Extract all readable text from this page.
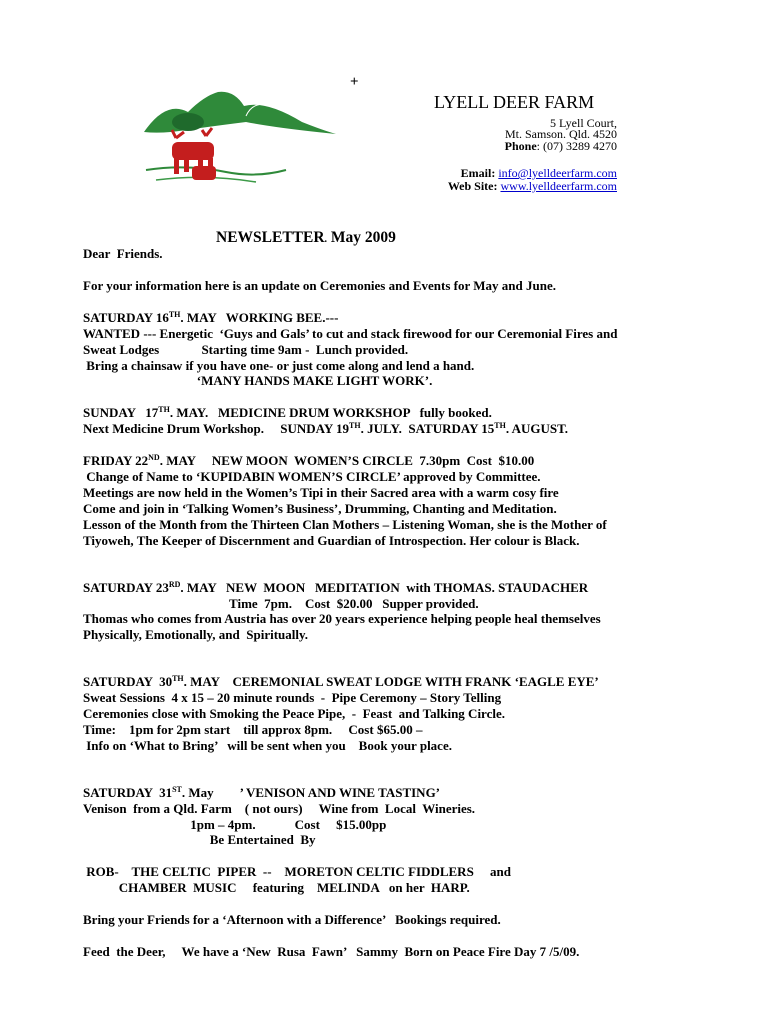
+
LYELL DEER FARM
5 Lyell Court,
Mt. Samson. Qld. 4520
Phone: (07) 3289 4270
Email: info@lyelldeerfarm.com
Web Site: www.lyelldeerfarm.com
NEWSLETTER. May 2009

Dear  Friends.

For your information here is an update on Ceremonies and Events for May and June.

SATURDAY 16TH. MAY   WORKING BEE.---

WANTED --- Energetic  ‘Guys and Gals’ to cut and stack firewood for our Ceremonial Fires and

Sweat Lodges             Starting time 9am -  Lunch provided.

Bring a chainsaw if you have one- or just come along and lend a hand.

‘MANY HANDS MAKE LIGHT WORK’.

SUNDAY   17TH. MAY.   MEDICINE DRUM WORKSHOP   fully booked.

Next Medicine Drum Workshop.     SUNDAY 19TH. JULY.  SATURDAY 15TH. AUGUST.

FRIDAY 22ND. MAY     NEW MOON  WOMEN’S CIRCLE  7.30pm  Cost  $10.00

Change of Name to ‘KUPIDABIN WOMEN’S CIRCLE’ approved by Committee.

Meetings are now held in the Women’s Tipi in their Sacred area with a warm cosy fire

Come and join in ‘Talking Women’s Business’, Drumming, Chanting and Meditation.

Lesson of the Month from the Thirteen Clan Mothers – Listening Woman, she is the Mother of

Tiyoweh, The Keeper of Discernment and Guardian of Introspection. Her colour is Black.

SATURDAY 23RD. MAY   NEW  MOON   MEDITATION  with THOMAS. STAUDACHER

Time  7pm.    Cost  $20.00   Supper provided.

Thomas who comes from Austria has over 20 years experience helping people heal themselves

Physically, Emotionally, and  Spiritually.

SATURDAY  30TH. MAY    CEREMONIAL SWEAT LODGE WITH FRANK ‘EAGLE EYE’

Sweat Sessions  4 x 15 – 20 minute rounds  -  Pipe Ceremony – Story Telling

Ceremonies close with Smoking the Peace Pipe,  -  Feast  and Talking Circle.

Time:    1pm for 2pm start    till approx 8pm.     Cost $65.00 –

Info on ‘What to Bring’   will be sent when you    Book your place.

SATURDAY  31ST. May        ’ VENISON AND WINE TASTING’

Venison  from a Qld. Farm    ( not ours)     Wine from  Local  Wineries.

1pm – 4pm.            Cost     $15.00pp

Be Entertained  By

ROB-    THE CELTIC  PIPER  --    MORETON CELTIC FIDDLERS     and

CHAMBER  MUSIC     featuring    MELINDA   on her  HARP.

Bring your Friends for a ‘Afternoon with a Difference’   Bookings required.

Feed  the Deer,     We have a ‘New  Rusa  Fawn’   Sammy  Born on Peace Fire Day 7 /5/09.
